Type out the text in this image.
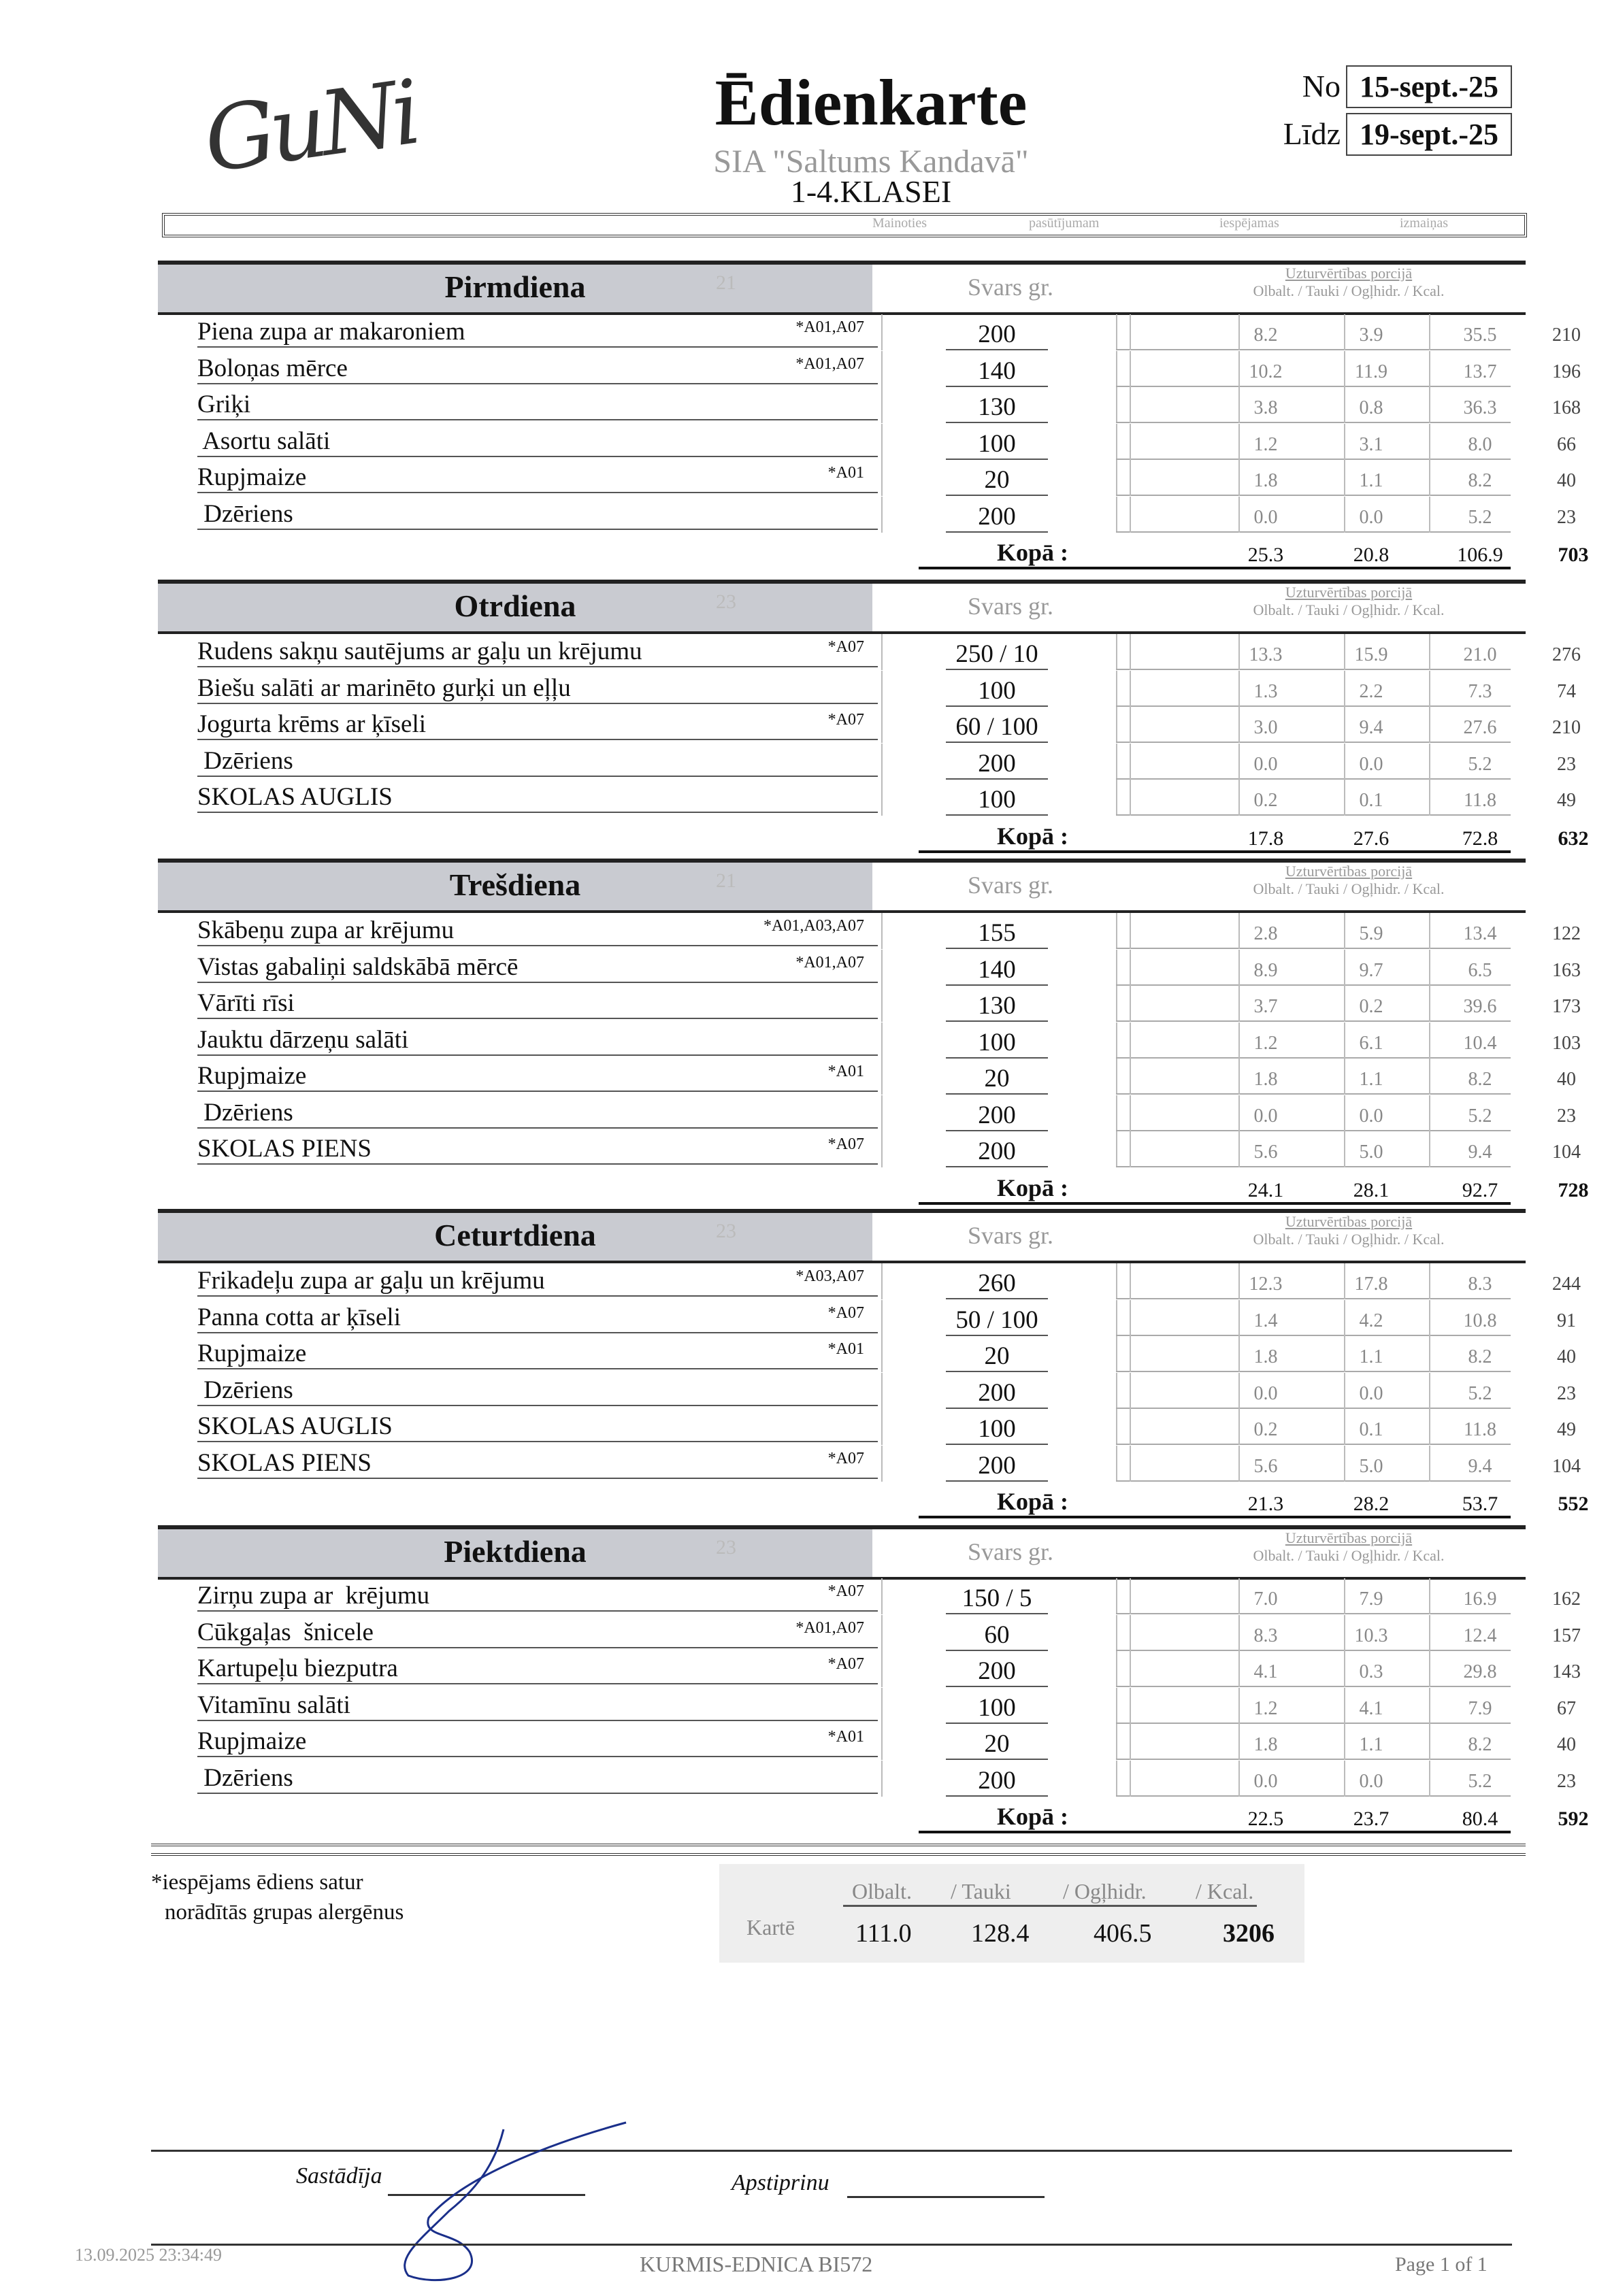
GuNi	Ēdienkarte
SIA "Saltums Kandavā"
1-4.KLASEI
No 15-sept.-25
Līdz 19-sept.-25
Mainoties	pasūtījumam	iespējamas	izmaiņas
Pirmdiena	21	Svars gr.
Uzturvērtības porcijā
Olbalt. / Tauki / Ogļhidr. / Kcal.
Piena zupa ar makaroniem	*A01,A07	200	8.2	3.9	35.5	210
Boloņas mērce	*A01,A07	140	10.2	11.9	13.7	196
Griķi	130	3.8	0.8	36.3	168
Asortu salāti	100	1.2	3.1	8.0	66
Rupjmaize	*A01	20	1.8	1.1	8.2	40
Dzēriens	200	0.0	0.0	5.2	23
Kopā :	25.3	20.8	106.9	703
Otrdiena	23	Svars gr.
Uzturvērtības porcijā
Olbalt. / Tauki / Ogļhidr. / Kcal.
Rudens sakņu sautējums ar gaļu un krējumu	*A07	250 / 10	13.3	15.9	21.0	276
Biešu salāti ar marinēto gurķi un eļļu	100	1.3	2.2	7.3	74
Jogurta krēms ar ķīseli	*A07	60 / 100	3.0	9.4	27.6	210
Dzēriens	200	0.0	0.0	5.2	23
SKOLAS AUGLIS	100	0.2	0.1	11.8	49
Kopā :	17.8	27.6	72.8	632
Trešdiena	21	Svars gr.
Uzturvērtības porcijā
Olbalt. / Tauki / Ogļhidr. / Kcal.
Skābeņu zupa ar krējumu	*A01,A03,A07	155	2.8	5.9	13.4	122
Vistas gabaliņi saldskābā mērcē	*A01,A07	140	8.9	9.7	6.5	163
Vārīti rīsi	130	3.7	0.2	39.6	173
Jauktu dārzeņu salāti	100	1.2	6.1	10.4	103
Rupjmaize	*A01	20	1.8	1.1	8.2	40
Dzēriens	200	0.0	0.0	5.2	23
SKOLAS PIENS	*A07	200	5.6	5.0	9.4	104
Kopā :	24.1	28.1	92.7	728
Ceturtdiena	23	Svars gr.
Uzturvērtības porcijā
Olbalt. / Tauki / Ogļhidr. / Kcal.
Frikadeļu zupa ar gaļu un krējumu	*A03,A07	260	12.3	17.8	8.3	244
Panna cotta ar ķīseli	*A07	50 / 100	1.4	4.2	10.8	91
Rupjmaize	*A01	20	1.8	1.1	8.2	40
Dzēriens	200	0.0	0.0	5.2	23
SKOLAS AUGLIS	100	0.2	0.1	11.8	49
SKOLAS PIENS	*A07	200	5.6	5.0	9.4	104
Kopā :	21.3	28.2	53.7	552
Piektdiena	23	Svars gr.
Uzturvērtības porcijā
Olbalt. / Tauki / Ogļhidr. / Kcal.
Zirņu zupa ar  krējumu	*A07	150 / 5	7.0	7.9	16.9	162
Cūkgaļas  šnicele	*A01,A07	60	8.3	10.3	12.4	157
Kartupeļu biezputra	*A07	200	4.1	0.3	29.8	143
Vitamīnu salāti	100	1.2	4.1	7.9	67
Rupjmaize	*A01	20	1.8	1.1	8.2	40
Dzēriens	200	0.0	0.0	5.2	23
Kopā :	22.5	23.7	80.4	592
*iespējams ēdiens satur
norādītās grupas alergēnus
Olbalt. / Tauki / Ogļhidr. / Kcal.
Kartē 111.0 128.4 406.5	3206
Sastādīja	Apstiprinu
13.09.2025 23:34:49	KURMIS-EDNICA BI572	Page 1 of 1
